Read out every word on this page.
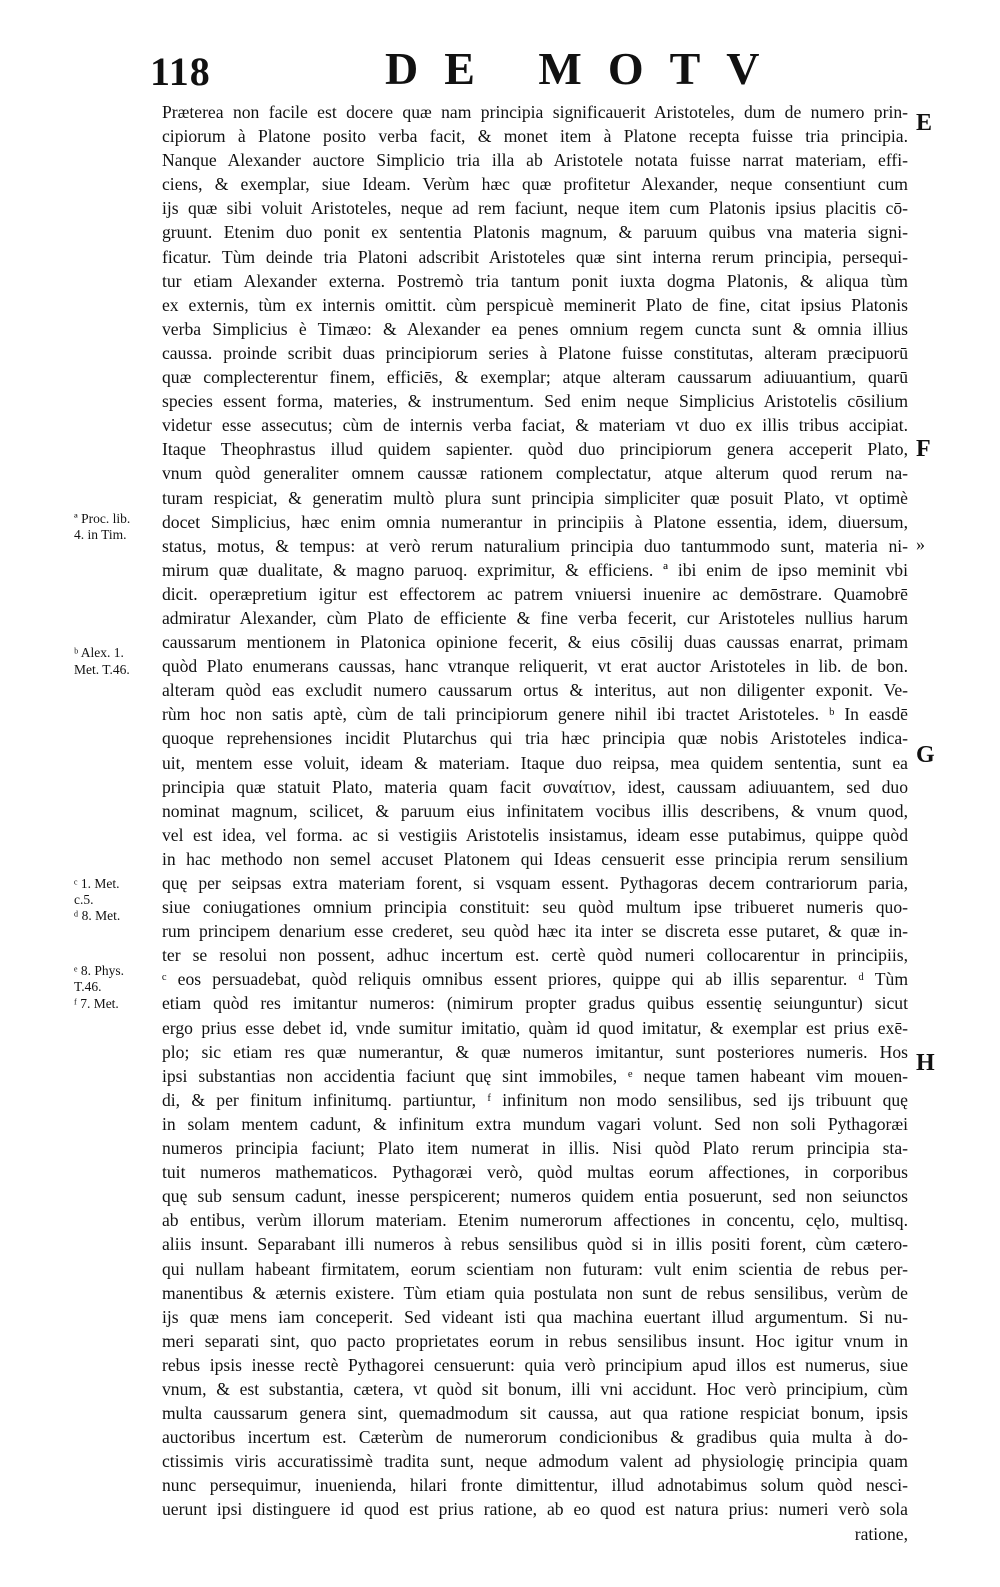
118	DE MOTV
Præterea non facile est docere quæ nam principia significauerit Aristoteles, dum de numero prin-
cipiorum à Platone posito verba facit, & monet item à Platone recepta fuisse tria principia.
Nanque Alexander auctore Simplicio tria illa ab Aristotele notata fuisse narrat materiam, effi-
ciens, & exemplar, siue Ideam. Verùm hæc quæ profitetur Alexander, neque consentiunt cum
ijs quæ sibi voluit Aristoteles, neque ad rem faciunt, neque item cum Platonis ipsius placitis cō-
gruunt. Etenim duo ponit ex sententia Platonis magnum, & paruum quibus vna materia signi-
ficatur. Tùm deinde tria Platoni adscribit Aristoteles quæ sint interna rerum principia, persequi-
tur etiam Alexander externa. Postremò tria tantum ponit iuxta dogma Platonis, & aliqua tùm
ex externis, tùm ex internis omittit. cùm perspicuè meminerit Plato de fine, citat ipsius Platonis
verba Simplicius è Timæo: & Alexander ea penes omnium regem cuncta sunt & omnia illius
caussa. proinde scribit duas principiorum series à Platone fuisse constitutas, alteram præcipuorū
quæ complecterentur finem, efficiēs, & exemplar; atque alteram caussarum adiuuantium, quarū
species essent forma, materies, & instrumentum. Sed enim neque Simplicius Aristotelis cōsilium
videtur esse assecutus; cùm de internis verba faciat, & materiam vt duo ex illis tribus accipiat.
Itaque Theophrastus illud quidem sapienter. quòd duo principiorum genera acceperit Plato,
vnum quòd generaliter omnem caussæ rationem complectatur, atque alterum quod rerum na-
turam respiciat, & generatim multò plura sunt principia simpliciter quæ posuit Plato, vt optimè
docet Simplicius, hæc enim omnia numerantur in principiis à Platone essentia, idem, diuersum,
status, motus, & tempus: at verò rerum naturalium principia duo tantummodo sunt, materia ni-
mirum quæ dualitate, & magno paruoq. exprimitur, & efficiens. ª ibi enim de ipso meminit vbi
dicit. operæpretium igitur est effectorem ac patrem vniuersi inuenire ac demōstrare. Quamobrē
admiratur Alexander, cùm Plato de efficiente & fine verba fecerit, cur Aristoteles nullius harum
caussarum mentionem in Platonica opinione fecerit, & eius cōsilij duas caussas enarrat, primam
quòd Plato enumerans caussas, hanc vtranque reliquerit, vt erat auctor Aristoteles in lib. de bon.
alteram quòd eas excludit numero caussarum ortus & interitus, aut non diligenter exponit. Ve-
rùm hoc non satis aptè, cùm de tali principiorum genere nihil ibi tractet Aristoteles. ᵇ In easdē
quoque reprehensiones incidit Plutarchus qui tria hæc principia quæ nobis Aristoteles indica-
uit, mentem esse voluit, ideam & materiam. Itaque duo reipsa, mea quidem sententia, sunt ea
principia quæ statuit Plato, materia quam facit συναίτιον, idest, caussam adiuuantem, sed duo
nominat magnum, scilicet, & paruum eius infinitatem vocibus illis describens, & vnum quod,
vel est idea, vel forma. ac si vestigiis Aristotelis insistamus, ideam esse putabimus, quippe quòd
in hac methodo non semel accuset Platonem qui Ideas censuerit esse principia rerum sensilium
quę per seipsas extra materiam forent, si vsquam essent. Pythagoras decem contrariorum paria,
siue coniugationes omnium principia constituit: seu quòd multum ipse tribueret numeris quo-
rum principem denarium esse crederet, seu quòd hæc ita inter se discreta esse putaret, & quæ in-
ter se resolui non possent, adhuc incertum est. certè quòd numeri collocarentur in principiis,
ᶜ eos persuadebat, quòd reliquis omnibus essent priores, quippe qui ab illis separentur. ᵈ Tùm
etiam quòd res imitantur numeros: (nimirum propter gradus quibus essentię seiunguntur) sicut
ergo prius esse debet id, vnde sumitur imitatio, quàm id quod imitatur, & exemplar est prius exē-
plo; sic etiam res quæ numerantur, & quæ numeros imitantur, sunt posteriores numeris. Hos
ipsi substantias non accidentia faciunt quę sint immobiles, ᵉ neque tamen habeant vim mouen-
di, & per finitum infinitumq. partiuntur, ᶠ infinitum non modo sensilibus, sed ijs tribuunt quę
in solam mentem cadunt, & infinitum extra mundum vagari volunt. Sed non soli Pythagoræi
numeros principia faciunt; Plato item numerat in illis. Nisi quòd Plato rerum principia sta-
tuit numeros mathematicos. Pythagoræi verò, quòd multas eorum affectiones, in corporibus
quę sub sensum cadunt, inesse perspicerent; numeros quidem entia posuerunt, sed non seiunctos
ab entibus, verùm illorum materiam. Etenim numerorum affectiones in concentu, cęlo, multisq.
aliis insunt. Separabant illi numeros à rebus sensilibus quòd si in illis positi forent, cùm cætero-
qui nullam habeant firmitatem, eorum scientiam non futuram: vult enim scientia de rebus per-
manentibus & æternis existere. Tùm etiam quia postulata non sunt de rebus sensilibus, verùm de
ijs quæ mens iam conceperit. Sed videant isti qua machina euertant illud argumentum. Si nu-
meri separati sint, quo pacto proprietates eorum in rebus sensilibus insunt. Hoc igitur vnum in
rebus ipsis inesse rectè Pythagorei censuerunt: quia verò principium apud illos est numerus, siue
vnum, & est substantia, cætera, vt quòd sit bonum, illi vni accidunt. Hoc verò principium, cùm
multa caussarum genera sint, quemadmodum sit caussa, aut qua ratione respiciat bonum, ipsis
auctoribus incertum est. Cæterùm de numerorum condicionibus & gradibus quia multa à do-
ctissimis viris accuratissimè tradita sunt, neque admodum valent ad physiologię principia quam
nunc persequimur, inuenienda, hilari fronte dimittentur, illud adnotabimus solum quòd nesci-
uerunt ipsi distinguere id quod est prius ratione, ab eo quod est natura prius: numeri verò sola
ratione,
ª Proc. lib.
4. in Tim.
ᵇ Alex. 1.
Met. T.46.
ᶜ 1. Met.
c.5.
ᵈ 8. Met.
ᵉ 8. Phys.
T.46.
ᶠ 7. Met.
E
F
»
G
H
